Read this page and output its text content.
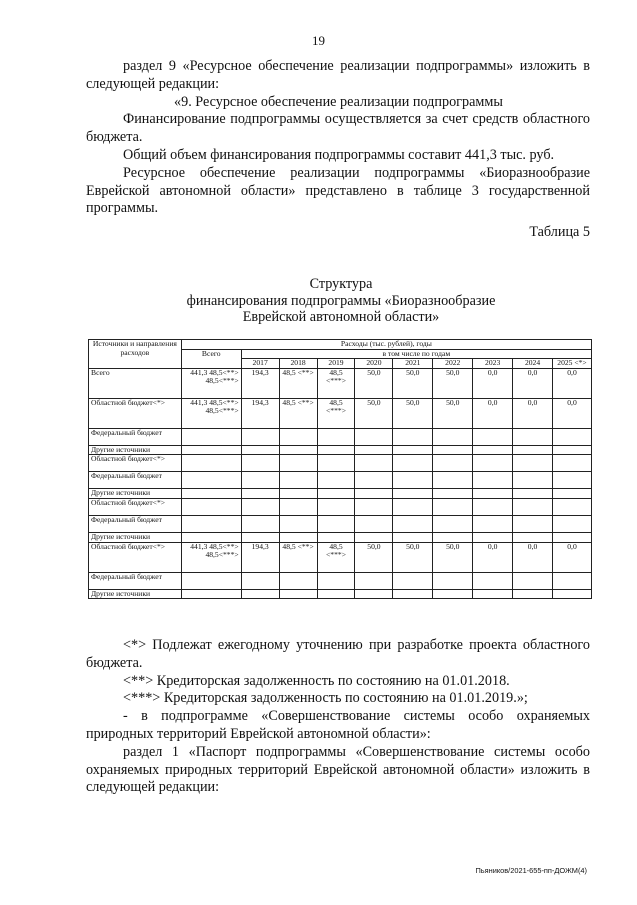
19

раздел 9 «Ресурсное обеспечение реализации подпрограммы» изложить в следующей редакции:

«9. Ресурсное обеспечение реализации подпрограммы

Финансирование подпрограммы осуществляется за счет средств областного бюджета.

Общий объем финансирования подпрограммы составит 441,3 тыс. руб.

Ресурсное обеспечение реализации подпрограммы «Биоразнообразие Еврейской автономной области» представлено в таблице 3 государственной программы.

Таблица 5
Структура
финансирования подпрограммы «Биоразнообразие
Еврейской автономной области»
Источники и направления расходов	Расходы (тыс. рублей), годы									
	Всего	в том числе по годам								
		2017	2018	2019	2020	2021	2022	2023	2024	2025 <*>
Всего	441,3 48,5<**> 48,5<***>	194,3	48,5 <**>	48,5 <***>	50,0	50,0	50,0	0,0	0,0	0,0
Областной бюджет<*>	441,3 48,5<**> 48,5<***>	194,3	48,5 <**>	48,5 <***>	50,0	50,0	50,0	0,0	0,0	0,0
Федеральный бюджет										
Другие источники										
Областной бюджет<*>										
Федеральный бюджет										
Другие источники										
Областной бюджет<*>										
Федеральный бюджет										
Другие источники										
Областной бюджет<*>	441,3 48,5<**> 48,5<***>	194,3	48,5 <**>	48,5 <***>	50,0	50,0	50,0	0,0	0,0	0,0
Федеральный бюджет										
Другие источники										

<*> Подлежат ежегодному уточнению при разработке проекта областного бюджета.

<**> Кредиторская задолженность по состоянию на 01.01.2018.

<***> Кредиторская задолженность по состоянию на 01.01.2019.»;

- в подпрограмме «Совершенствование системы особо охраняемых природных территорий Еврейской автономной области»:

раздел 1 «Паспорт подпрограммы «Совершенствование системы особо охраняемых природных территорий Еврейской автономной области» изложить в следующей редакции:

Пьяников/2021-655-пп-ДОЖМ(4)
